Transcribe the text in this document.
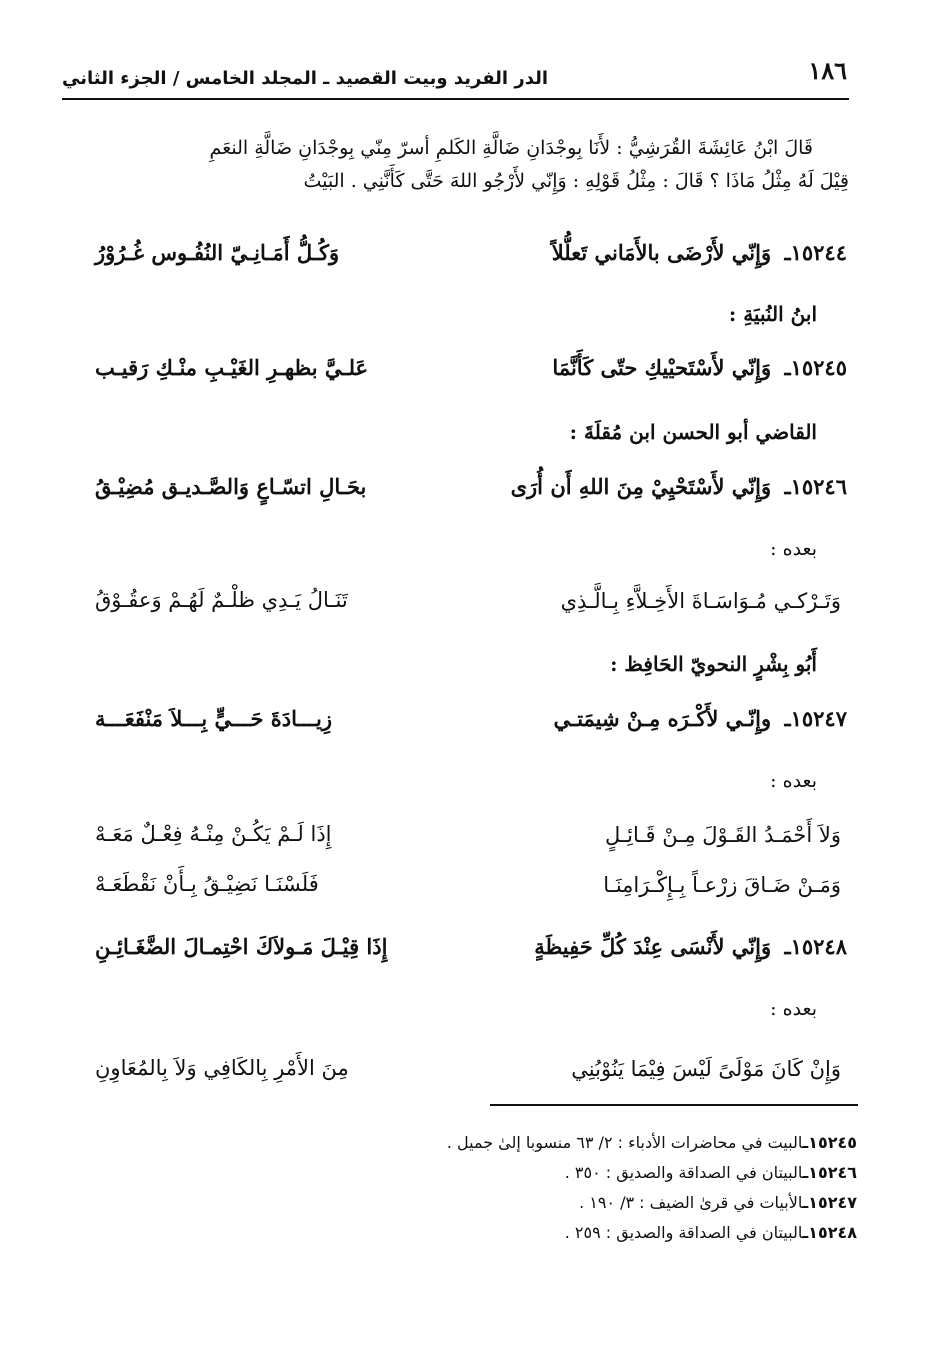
١٨٦
الدر الفريد وبيت القصيد ـ المجلد الخامس / الجزء الثاني
قَالَ ابْنُ عَائِشَةَ القُرَشِيُّ : لأَنَا بِوجْدَانِ ضَالَّةِ الكَلمِ أسرّ مِنّي بِوجْدَانِ ضَالَّةِ النعَمِ
قِيْلَ لَهُ مِثْلُ مَاذَا ؟ قَالَ : مِثْلُ قَوْلِهِ : وَإِنّي لأَرْجُو اللهَ حَتَّى كَأَنَّنِي . البَيْتُ
١٥٢٤٤ـ وَإِنّي لأَرْضَى بالأَمَاني تَعلُّلاً
وَكُـلُّ أَمَـانِـيّ النُفُـوس غُـرُوْرُ
ابنُ النُبيَةِ :
١٥٢٤٥ـ وَإِنّي لأَسْتَحيْيكِ حتّى كَأَنَّمَا
عَلـيَّ بظهـرِ الغَيْـبِ منْـكِ رَقيـب
القاضي أبو الحسن ابن مُقلَةَ :
١٥٢٤٦ـ وَإِنّي لأَسْتَحْيِيْ مِنَ اللهِ أَن أُرَى
بحَـالِ اتسّـاعٍ وَالصَّـديـق مُضِيْـقُ
بعده :
وَتَـرْكـي مُـوَاسَـاةَ الأَخِـلاَّءِ بِـالَّـذِي
تَنَـالُ يَـدِي ظلْـمٌ لَهُـمْ وَعقُـوْقُ
أَبُو بِشْرٍ النحويّ الحَافِظ :
١٥٢٤٧ـ وإِنّـي لأَكْـرَه مِـنْ شِيمَتـي
زِيـــادَةَ حَـــيٍّ بِـــلاَ مَنْفَعَـــة
بعده :
وَلاَ أَحْمَـدُ القَـوْلَ مِـنْ قَـائِـلٍ
إِذَا لَـمْ يَكُـنْ مِنْـهُ فِعْـلٌ مَعَـهْ
وَمَـنْ ضَـاقَ زرْعـاً بِـإِكْـرَامِنَـا
فَلَسْنَـا نَضِيْـقُ بِـأَنْ نَقْطَعَـهْ
١٥٢٤٨ـ وَإِنّي لأَنْسَى عِنْدَ كُلِّ حَفِيظَةٍ
إِذَا قِيْـلَ مَـولاَكَ احْتِمـالَ الضَّغَـائِـنِ
بعده :
وَإِنْ كَانَ مَوْلَىً لَيْسَ فِيْمَا يَنُوْبُنِي
مِنَ الأَمْرِ بِالكَافِي وَلاَ بِالمُعَاوِنِ
١٥٢٤٥ـالبيت في محاضرات الأدباء : ٢/ ٦٣ منسوبا إلىٰ جميل .
١٥٢٤٦ـالبيتان في الصداقة والصديق : ٣٥٠ .
١٥٢٤٧ـالأبيات في قرىٰ الضيف : ٣/ ١٩٠ .
١٥٢٤٨ـالبيتان في الصداقة والصديق : ٢٥٩ .
